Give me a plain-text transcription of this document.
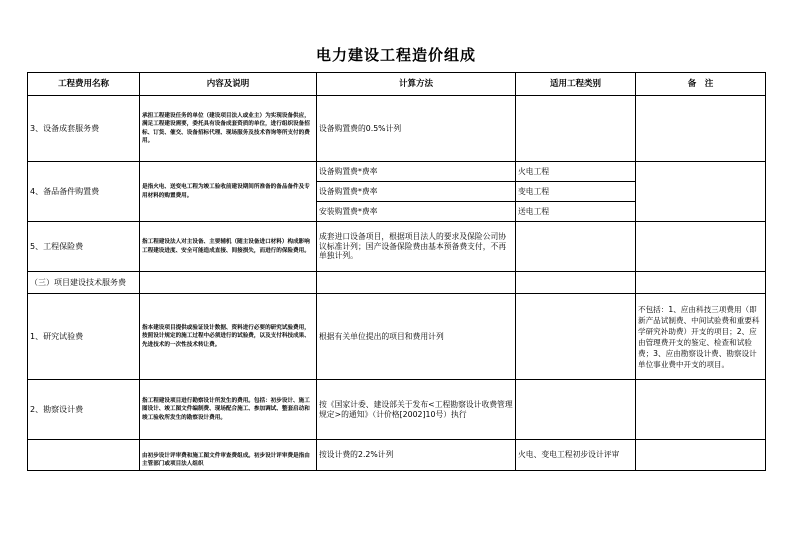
电力建设工程造价组成
工程费用名称	内容及说明	计算方法	适用工程类别	备　注
3、设备成套服务费	承担工程建设任务的单位（建设项目法人或业主）为实现设备供应，满足工程建设需要，委托具有设备成套资质的单位，进行组织设备招标、订货、催交、设备招标代理、现场服务及技术咨询等所支付的费用。	设备购置费的0.5%计列		
4、备品备件购置费	是指火电、送变电工程为竣工验收前建设期间所准备的备品备件及专用材料的购置费用。	设备购置费*费率	火电工程	
		设备购置费*费率	变电工程	
		安装购置费*费率	送电工程	
5、工程保险费	指工程建设法人对主设备、主要辅机（随主设备进口材料）构成影响工程建设进度、安全可能造成直接、间接损失，而进行的保险费用。	成套进口设备项目，根据项目法人的要求及保险公司协议标准计列；国产设备保险费由基本预备费支付，不再单独计列。		
（三）项目建设技术服务费				
1、研究试验费	指本建设项目提供或验证设计数据、资料进行必要的研究试验费用，按照设计规定的施工过程中必须进行的试验费，以及支付科技成果、先进技术的一次性技术转让费。	根据有关单位提出的项目和费用计列		不包括：1、应由科技三项费用（即新产品试制费、中间试验费和重要科学研究补助费）开支的项目；2、应由管理费开支的鉴定、检查和试验费；3、应由勘察设计费、勘察设计单位事业费中开支的项目。
2、勘察设计费	指工程建设项目进行勘察设计所发生的费用。包括：初步设计、施工图设计、竣工图文件编制费、现场配合施工、参加调试、整套启动和竣工验收所发生的勘察设计费用。	按《国家计委、建设部关于发布<工程勘察设计收费管理规定>的通知》（计价格[2002]10号）执行		
	由初步设计评审费和施工图文件审查费组成。初步设计评审费是指由主管部门或项目法人组织	按设计费的2.2%计列	火电、变电工程初步设计评审	
